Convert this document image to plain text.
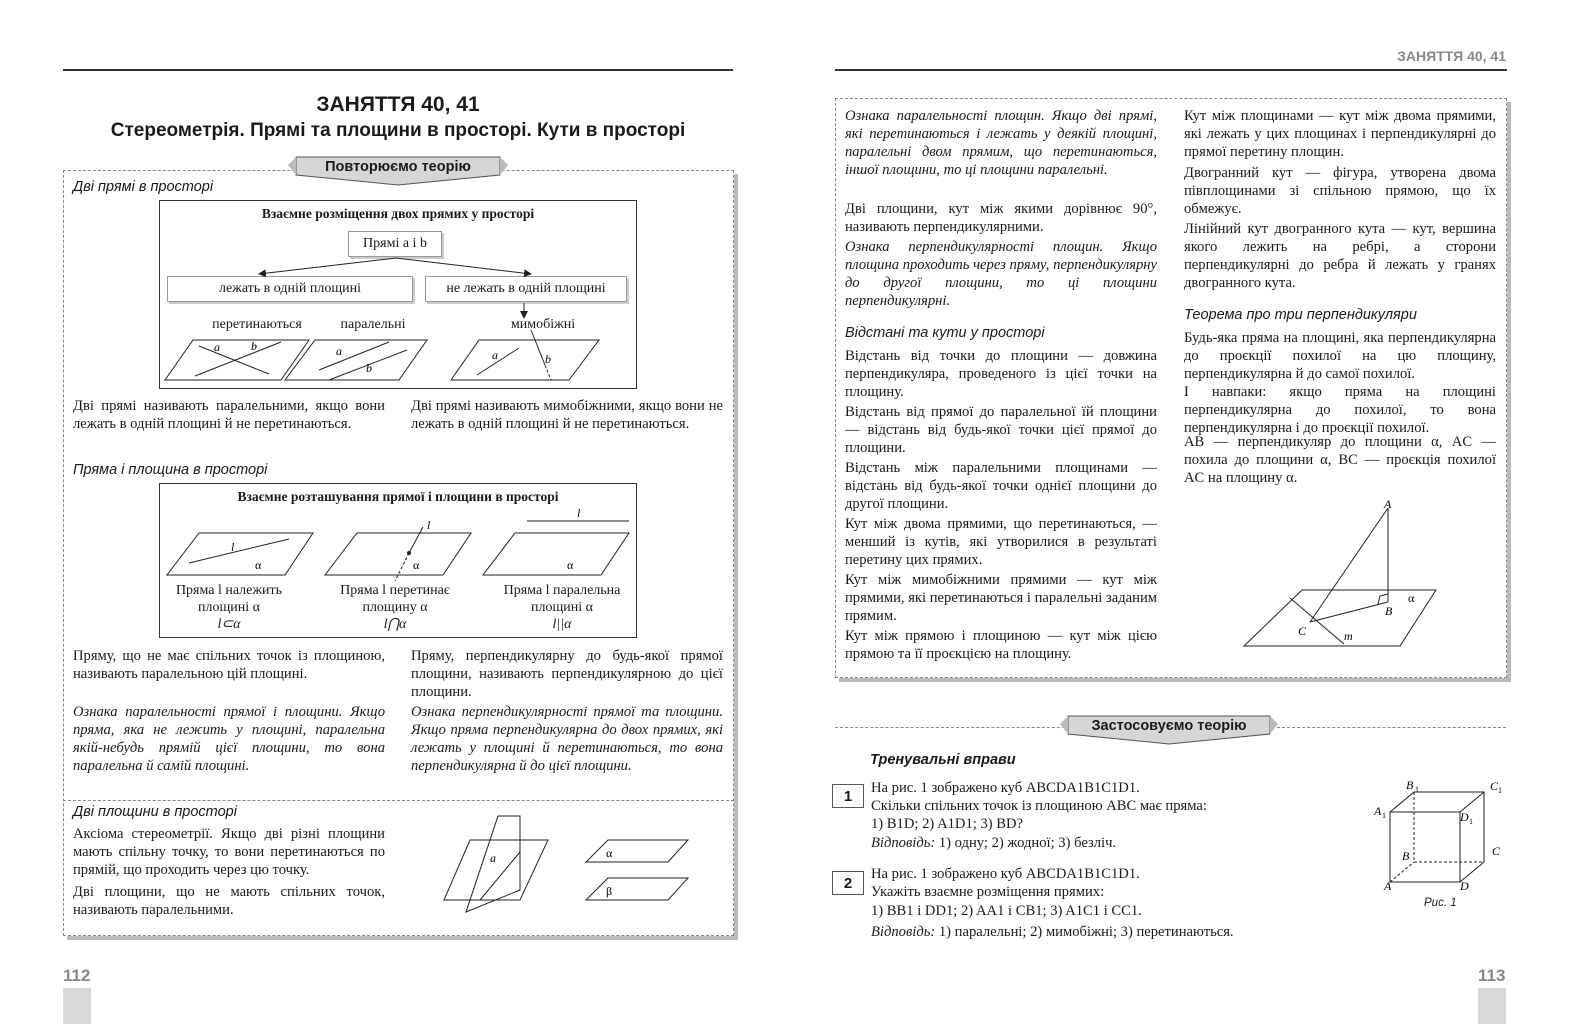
ЗАНЯТТЯ 40, 41
Стереометрія. Прямі та площини в просторі. Кути в просторі
Повторюємо теорію
Дві прямі в просторі
Взаємне розміщення двох прямих у просторі
Прямі a і b
лежать в одній площині	не лежать в одній площині
a	b	a
b
a	b
перетинаються	паралельні	мимобіжні
Дві прямі називають паралельними, якщо вони лежать в одній площині й не перетинаються.
Дві прямі називають мимобіжними, якщо вони не лежать в одній площині й не перетинаються.
Пряма і площина в просторі
Взаємне розташування прямої і площини в просторі
l
α
l
α
l
α
Пряма l належить
площині α
l⊂α
Пряма l перетинає
площину α
l⋂α
Пряма l паралельна
площині α
l||α
Пряму, що не має спільних точок із площиною, називають паралельною цій площині.
Ознака паралельності прямої і площини. Якщо пряма, яка не лежить у площині, паралельна якій-небудь прямій цієї площини, то вона паралельна й самій площині.
Пряму, перпендикулярну до будь-якої прямої площини, називають перпендикулярною до цієї площини.
Ознака перпендикулярності прямої та площини. Якщо пряма перпендикулярна до двох прямих, які лежать у площині й перетинаються, то вона перпендикулярна й до цієї площини.
Дві площини в просторі
Аксіома стереометрії. Якщо дві різні площини мають спільну точку, то вони перетинаються по прямій, що проходить через цю точку.
Дві площини, що не мають спільних точок, називають паралельними.
a	α
β
112
ЗАНЯТТЯ 40, 41
Ознака паралельності площин. Якщо дві прямі, які перетинаються і лежать у деякій площині, паралельні двом прямим, що перетинаються, іншої площини, то ці площини паралельні.
Дві площини, кут між якими дорівнює 90°, називають перпендикулярними.
Ознака перпендикулярності площин. Якщо площина проходить через пряму, перпендикулярну до другої площини, то ці площини перпендикулярні.
Відстані та кути у просторі
Відстань від точки до площини — довжина перпендикуляра, проведеного із цієї точки на площину.
Відстань від прямої до паралельної їй площини — відстань від будь-якої точки цієї прямої до площини.
Відстань між паралельними площинами — відстань від будь-якої точки однієї площини до другої площини.
Кут між двома прямими, що перетинаються, — менший із кутів, які утворилися в результаті перетину цих прямих.
Кут між мимобіжними прямими — кут між прямими, які перетинаються і паралельні заданим прямим.
Кут між прямою і площиною — кут між цією прямою та її проєкцією на площину.
Кут між площинами — кут між двома прямими, які лежать у цих площинах і перпендикулярні до прямої перетину площин.
Двогранний кут — фігура, утворена двома півплощинами зі спільною прямою, що їх обмежує.
Лінійний кут двогранного кута — кут, вершина якого лежить на ребрі, а сторони перпендикулярні до ребра й лежать у гранях двогранного кута.
Теорема про три перпендикуляри
Будь-яка пряма на площині, яка перпендикулярна до проєкції похилої на цю площину, перпендикулярна й до самої похилої.
І навпаки: якщо пряма на площині перпендикулярна до похилої, то вона перпендикулярна і до проєкції похилої.
AB — перпендикуляр до площини α, AC — похила до площини α, BC — проєкція похилої AC на площину α.
A
B
C	m
α
Застосовуємо теорію
Тренувальні вправи
1	На рис. 1 зображено куб ABCDA1B1C1D1.
Скільки спільних точок із площиною ABC має пряма:
1) B1D; 2) A1D1; 3) BD?
Відповідь: 1) одну; 2) жодної; 3) безліч.
2
На рис. 1 зображено куб ABCDA1B1C1D1.
Укажіть взаємне розміщення прямих:
1) BB1 і DD1; 2) AA1 і CB1; 3) A1C1 і CC1.
Відповідь: 1) паралельні; 2) мимобіжні; 3) перетинаються.
B 1	C 1
A 1	D 1
C
B
A	D
Рис. 1
113
